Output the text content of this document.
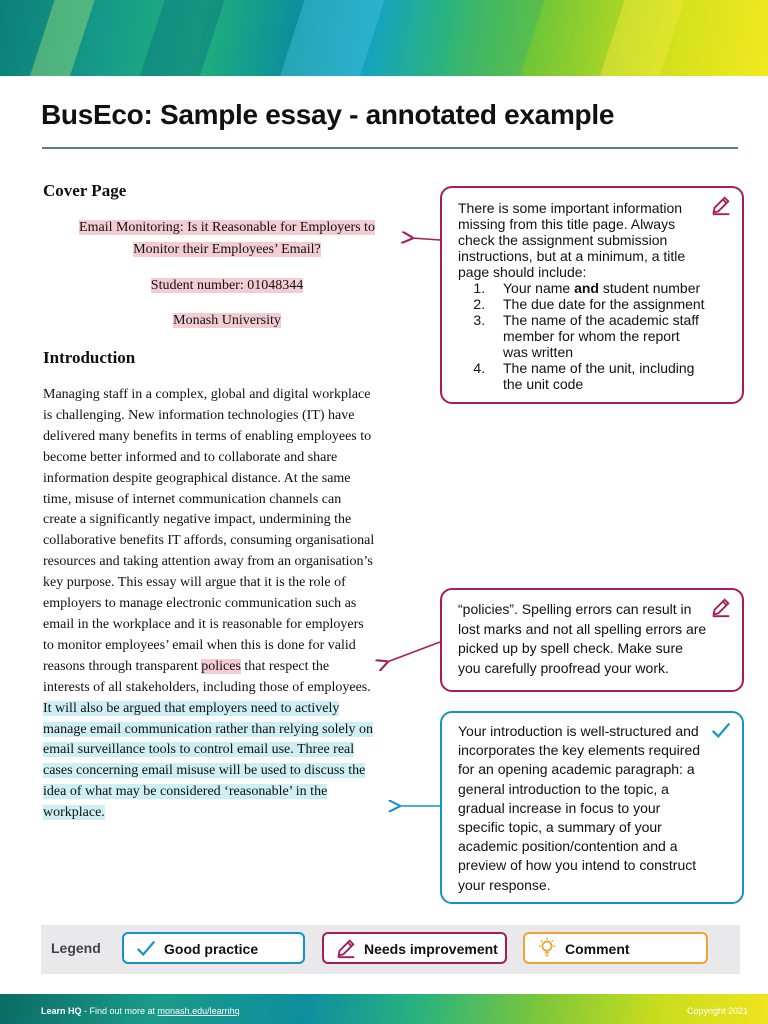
BusEco: Sample essay - annotated example
Cover Page
Email Monitoring: Is it Reasonable for Employers to
Monitor their Employees’ Email?
Student number: 01048344
Monash University
Introduction
Managing staff in a complex, global and digital workplace
is challenging. New information technologies (IT) have
delivered many benefits in terms of enabling employees to
become better informed and to collaborate and share
information despite geographical distance. At the same
time, misuse of internet communication channels can
create a significantly negative impact, undermining the
collaborative benefits IT affords, consuming organisational
resources and taking attention away from an organisation’s
key purpose. This essay will argue that it is the role of
employers to manage electronic communication such as
email in the workplace and it is reasonable for employers
to monitor employees’ email when this is done for valid
reasons through transparent polices that respect the
interests of all stakeholders, including those of employees.
It will also be argued that employers need to actively
manage email communication rather than relying solely on
email surveillance tools to control email use. Three real
cases concerning email misuse will be used to discuss the
idea of what may be considered ‘reasonable’ in the
workplace.
There is some important information
missing from this title page. Always
check the assignment submission
instructions, but at a minimum, a title
page should include:
1. Your name and student number
2. The due date for the assignment
3. The name of the academic staff
member for whom the report
was written
4. The name of the unit, including
the unit code
“policies”. Spelling errors can result in
lost marks and not all spelling errors are
picked up by spell check. Make sure
you carefully proofread your work.
Your introduction is well-structured and
incorporates the key elements required
for an opening academic paragraph: a
general introduction to the topic, a
gradual increase in focus to your
specific topic, a summary of your
academic position/contention and a
preview of how you intend to construct
your response.
Legend	Good practice	Needs improvement	Comment
Learn HQ - Find out more at monash.edu/learnhq	Copyright 2021
